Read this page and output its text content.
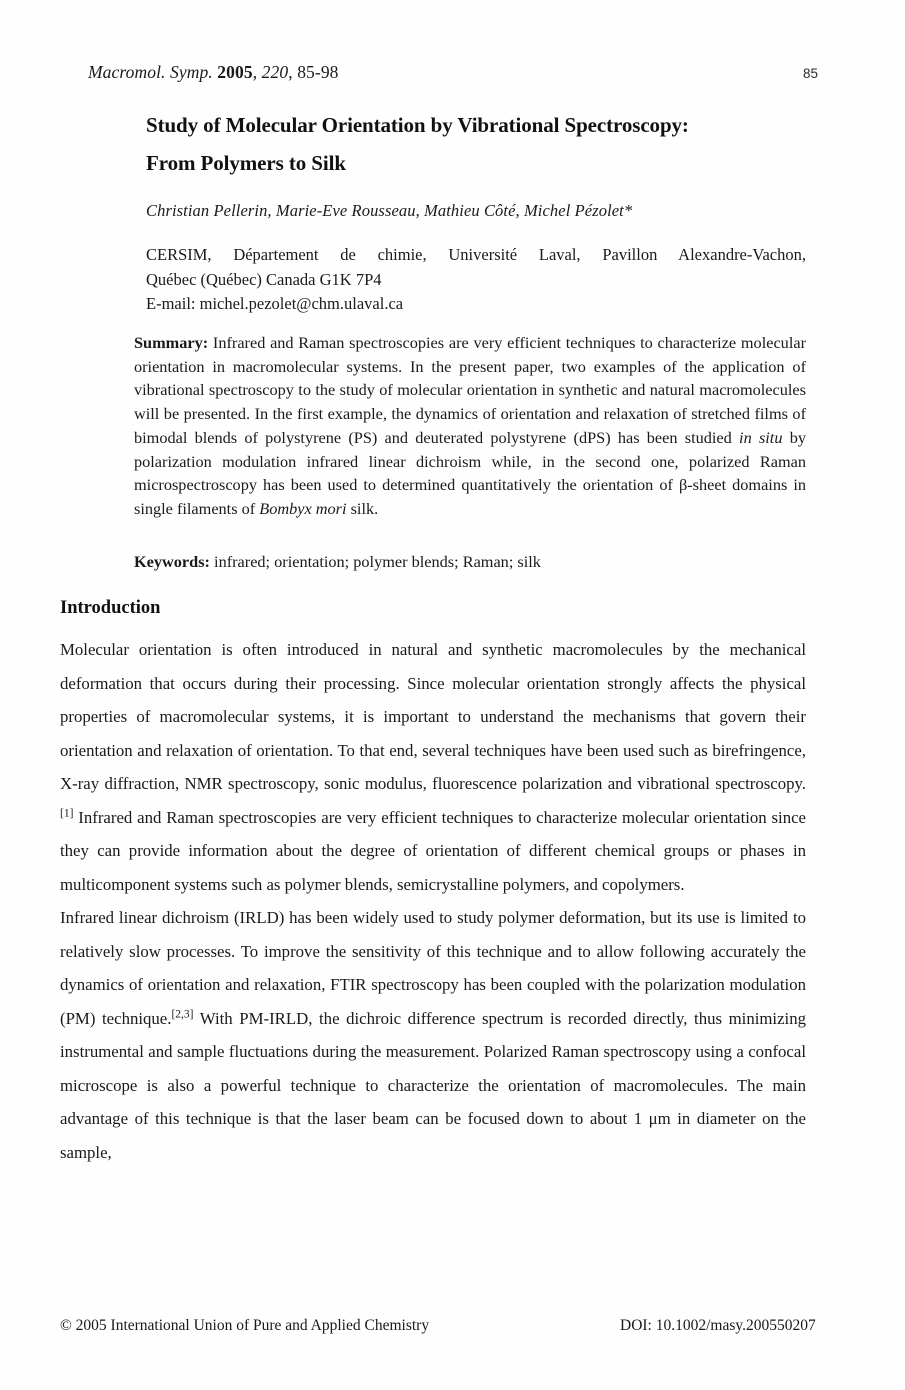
Macromol. Symp. 2005, 220, 85-98	85
Study of Molecular Orientation by Vibrational Spectroscopy:
From Polymers to Silk
Christian Pellerin, Marie-Eve Rousseau, Mathieu Côté, Michel Pézolet*
CERSIM, Département de chimie, Université Laval, Pavillon Alexandre-Vachon,
Québec (Québec) Canada G1K 7P4
E-mail: michel.pezolet@chm.ulaval.ca
Summary: Infrared and Raman spectroscopies are very efficient techniques to characterize molecular orientation in macromolecular systems. In the present paper, two examples of the application of vibrational spectroscopy to the study of molecular orientation in synthetic and natural macromolecules will be presented. In the first example, the dynamics of orientation and relaxation of stretched films of bimodal blends of polystyrene (PS) and deuterated polystyrene (dPS) has been studied in situ by polarization modulation infrared linear dichroism while, in the second one, polarized Raman microspectroscopy has been used to determined quantitatively the orientation of β-sheet domains in single filaments of Bombyx mori silk.
Keywords: infrared; orientation; polymer blends; Raman; silk
Introduction

Molecular orientation is often introduced in natural and synthetic macromolecules by the mechanical deformation that occurs during their processing. Since molecular orientation strongly affects the physical properties of macromolecular systems, it is important to understand the mechanisms that govern their orientation and relaxation of orientation. To that end, several techniques have been used such as birefringence, X-ray diffraction, NMR spectroscopy, sonic modulus, fluorescence polarization and vibrational spectroscopy.[1] Infrared and Raman spectroscopies are very efficient techniques to characterize molecular orientation since they can provide information about the degree of orientation of different chemical groups or phases in multicomponent systems such as polymer blends, semicrystalline polymers, and copolymers.

Infrared linear dichroism (IRLD) has been widely used to study polymer deformation, but its use is limited to relatively slow processes. To improve the sensitivity of this technique and to allow following accurately the dynamics of orientation and relaxation, FTIR spectroscopy has been coupled with the polarization modulation (PM) technique.[2,3] With PM-IRLD, the dichroic difference spectrum is recorded directly, thus minimizing instrumental and sample fluctuations during the measurement. Polarized Raman spectroscopy using a confocal microscope is also a powerful technique to characterize the orientation of macromolecules. The main advantage of this technique is that the laser beam can be focused down to about 1 μm in diameter on the sample,

© 2005 International Union of Pure and Applied Chemistry	DOI: 10.1002/masy.200550207
